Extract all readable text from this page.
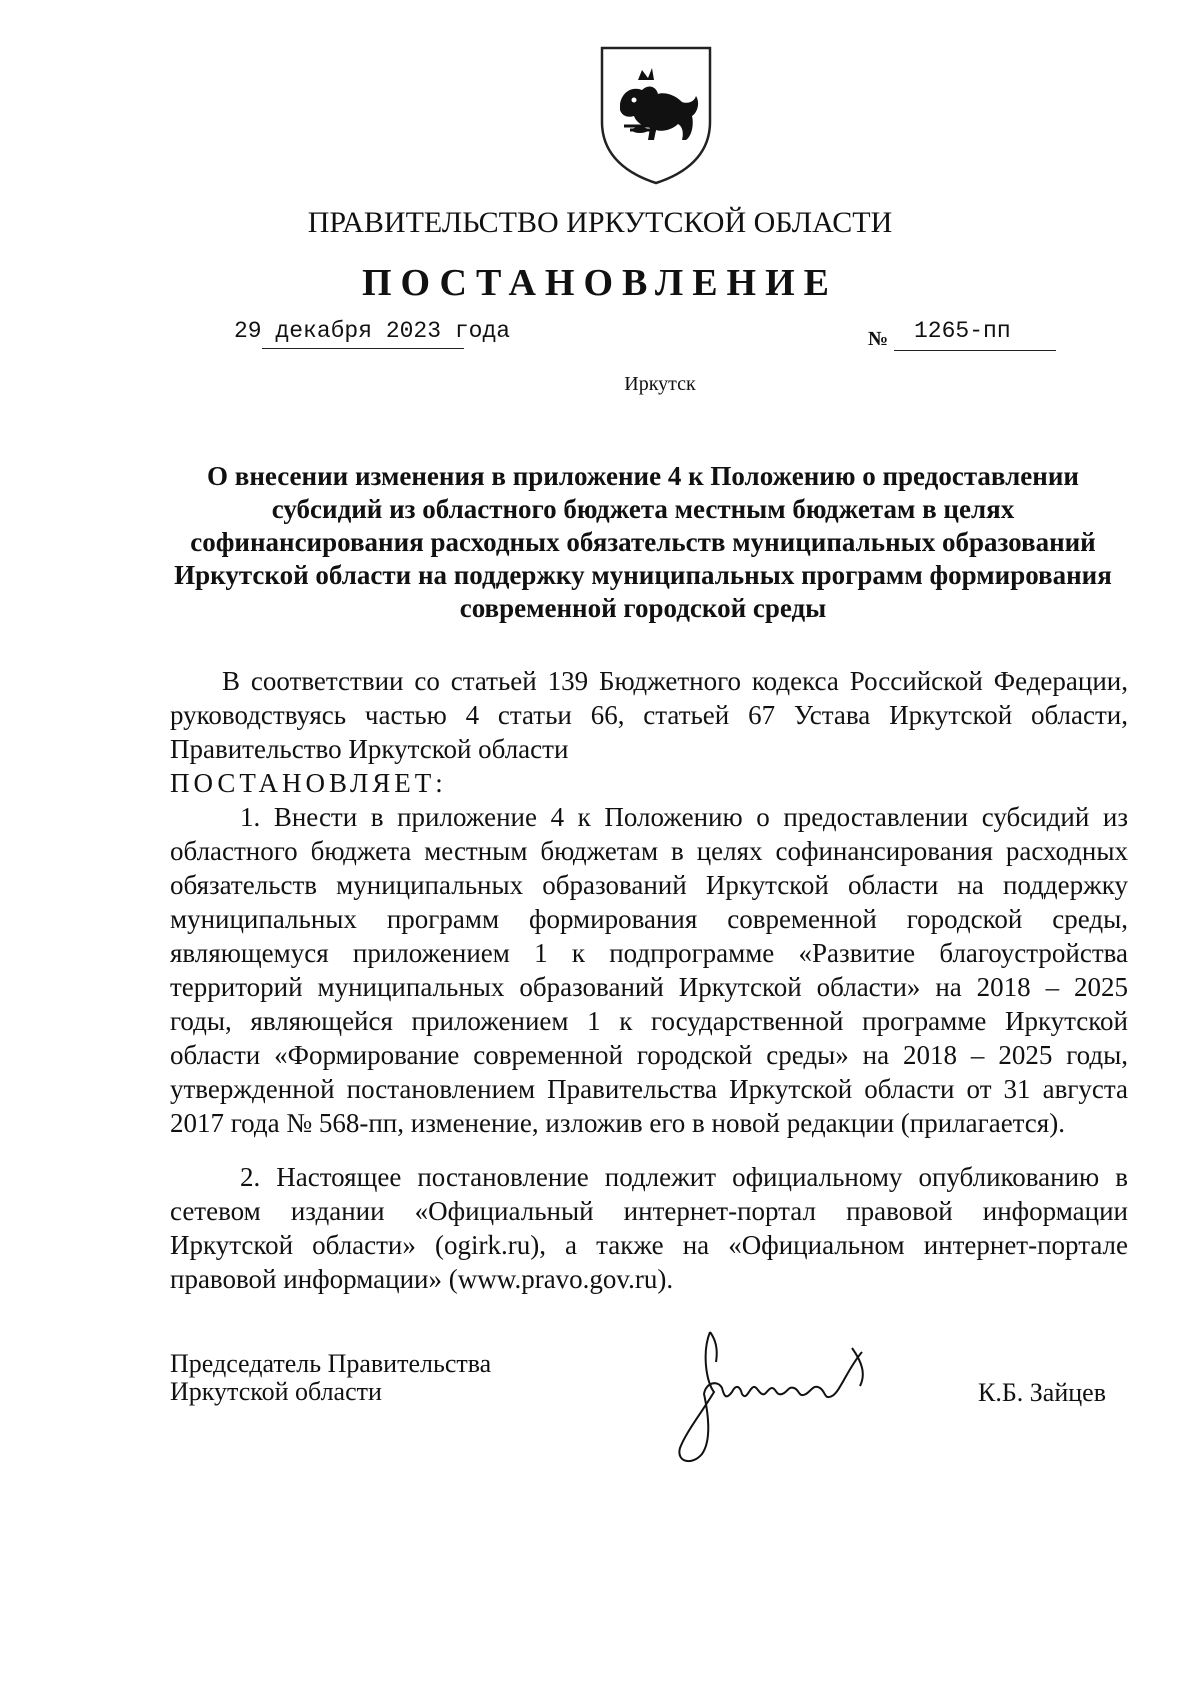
ПРАВИТЕЛЬСТВО ИРКУТСКОЙ ОБЛАСТИ
ПОСТАНОВЛЕНИЕ
29 декабря 2023 года	№ 1265-пп
Иркутск
О внесении изменения в приложение 4 к Положению о предоставлении субсидий из областного бюджета местным бюджетам в целях софинансирования расходных обязательств муниципальных образований Иркутской области на поддержку муниципальных программ формирования современной городской среды
В соответствии со статьей 139 Бюджетного кодекса Российской Федерации, руководствуясь частью 4 статьи 66, статьей 67 Устава Иркутской области, Правительство Иркутской области
ПОСТАНОВЛЯЕТ:
1. Внести в приложение 4 к Положению о предоставлении субсидий из областного бюджета местным бюджетам в целях софинансирования расходных обязательств муниципальных образований Иркутской области на поддержку муниципальных программ формирования современной городской среды, являющемуся приложением 1 к подпрограмме «Развитие благоустройства территорий муниципальных образований Иркутской области» на 2018 – 2025 годы, являющейся приложением 1 к государственной программе Иркутской области «Формирование современной городской среды» на 2018 – 2025 годы, утвержденной постановлением Правительства Иркутской области от 31 августа 2017 года № 568-пп, изменение, изложив его в новой редакции (прилагается).
2. Настоящее постановление подлежит официальному опубликованию в сетевом издании «Официальный интернет-портал правовой информации Иркутской области» (ogirk.ru), а также на «Официальном интернет-портале правовой информации» (www.pravo.gov.ru).
Председатель Правительства
Иркутской области	К.Б. Зайцев
